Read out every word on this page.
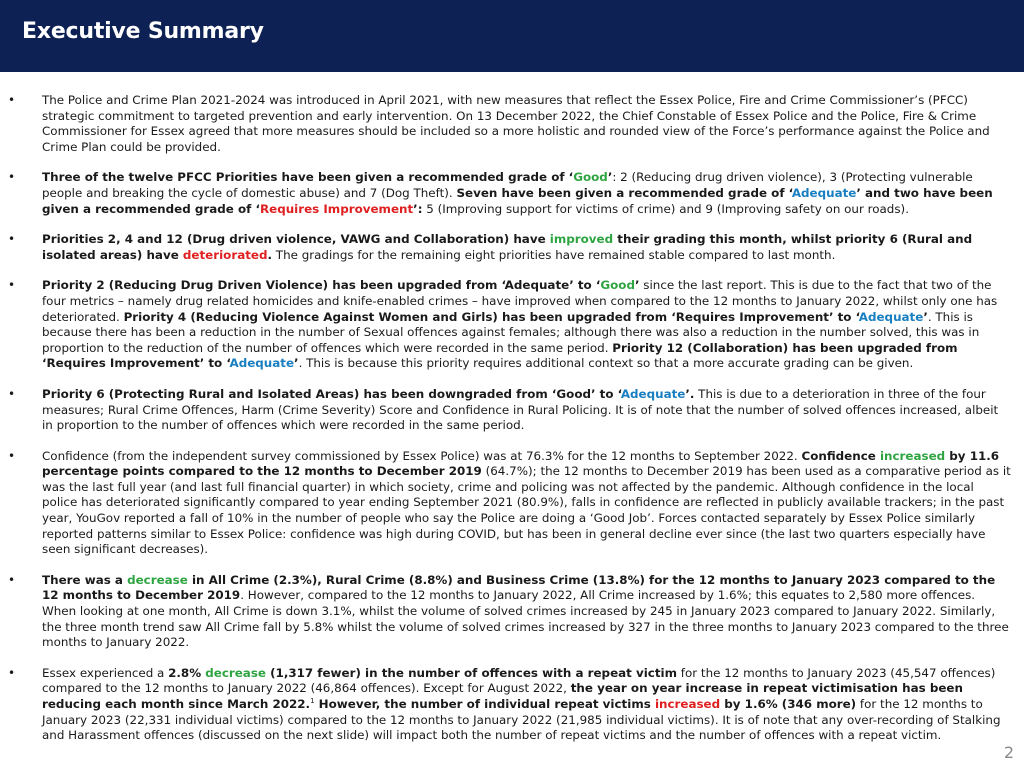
Executive Summary
• The Police and Crime Plan 2021-2024 was introduced in April 2021, with new measures that reflect the Essex Police, Fire and Crime Commissioner’s (PFCC) strategic commitment to targeted prevention and early intervention. On 13 December 2022, the Chief Constable of Essex Police and the Police, Fire & Crime Commissioner for Essex agreed that more measures should be included so a more holistic and rounded view of the Force’s performance against the Police and Crime Plan could be provided.
• Three of the twelve PFCC Priorities have been given a recommended grade of ‘Good’: 2 (Reducing drug driven violence), 3 (Protecting vulnerable people and breaking the cycle of domestic abuse) and 7 (Dog Theft). Seven have been given a recommended grade of ‘Adequate’ and two have been given a recommended grade of ‘Requires Improvement’: 5 (Improving support for victims of crime) and 9 (Improving safety on our roads).
• Priorities 2, 4 and 12 (Drug driven violence, VAWG and Collaboration) have improved their grading this month, whilst priority 6 (Rural and isolated areas) have deteriorated. The gradings for the remaining eight priorities have remained stable compared to last month.
• Priority 2 (Reducing Drug Driven Violence) has been upgraded from ‘Adequate’ to ‘Good’ since the last report. This is due to the fact that two of the four metrics – namely drug related homicides and knife-enabled crimes – have improved when compared to the 12 months to January 2022, whilst only one has deteriorated. Priority 4 (Reducing Violence Against Women and Girls) has been upgraded from ‘Requires Improvement’ to ‘Adequate’. This is because there has been a reduction in the number of Sexual offences against females; although there was also a reduction in the number solved, this was in proportion to the reduction of the number of offences which were recorded in the same period. Priority 12 (Collaboration) has been upgraded from ‘Requires Improvement’ to ‘Adequate’. This is because this priority requires additional context so that a more accurate grading can be given.
• Priority 6 (Protecting Rural and Isolated Areas) has been downgraded from ‘Good’ to ‘Adequate’. This is due to a deterioration in three of the four measures; Rural Crime Offences, Harm (Crime Severity) Score and Confidence in Rural Policing. It is of note that the number of solved offences increased, albeit in proportion to the number of offences which were recorded in the same period.
• Confidence (from the independent survey commissioned by Essex Police) was at 76.3% for the 12 months to September 2022. Confidence increased by 11.6 percentage points compared to the 12 months to December 2019 (64.7%); the 12 months to December 2019 has been used as a comparative period as it was the last full year (and last full financial quarter) in which society, crime and policing was not affected by the pandemic. Although confidence in the local police has deteriorated significantly compared to year ending September 2021 (80.9%), falls in confidence are reflected in publicly available trackers; in the past year, YouGov reported a fall of 10% in the number of people who say the Police are doing a ‘Good Job’. Forces contacted separately by Essex Police similarly reported patterns similar to Essex Police: confidence was high during COVID, but has been in general decline ever since (the last two quarters especially have seen significant decreases).
• There was a decrease in All Crime (2.3%), Rural Crime (8.8%) and Business Crime (13.8%) for the 12 months to January 2023 compared to the 12 months to December 2019. However, compared to the 12 months to January 2022, All Crime increased by 1.6%; this equates to 2,580 more offences. When looking at one month, All Crime is down 3.1%, whilst the volume of solved crimes increased by 245 in January 2023 compared to January 2022. Similarly, the three month trend saw All Crime fall by 5.8% whilst the volume of solved crimes increased by 327 in the three months to January 2023 compared to the three months to January 2022.
• Essex experienced a 2.8% decrease (1,317 fewer) in the number of offences with a repeat victim for the 12 months to January 2023 (45,547 offences) compared to the 12 months to January 2022 (46,864 offences). Except for August 2022, the year on year increase in repeat victimisation has been reducing each month since March 2022.$^1$ However, the number of individual repeat victims increased by 1.6% (346 more) for the 12 months to January 2023 (22,331 individual victims) compared to the 12 months to January 2022 (21,985 individual victims). It is of note that any over-recording of Stalking and Harassment offences (discussed on the next slide) will impact both the number of repeat victims and the number of offences with a repeat victim.
2
